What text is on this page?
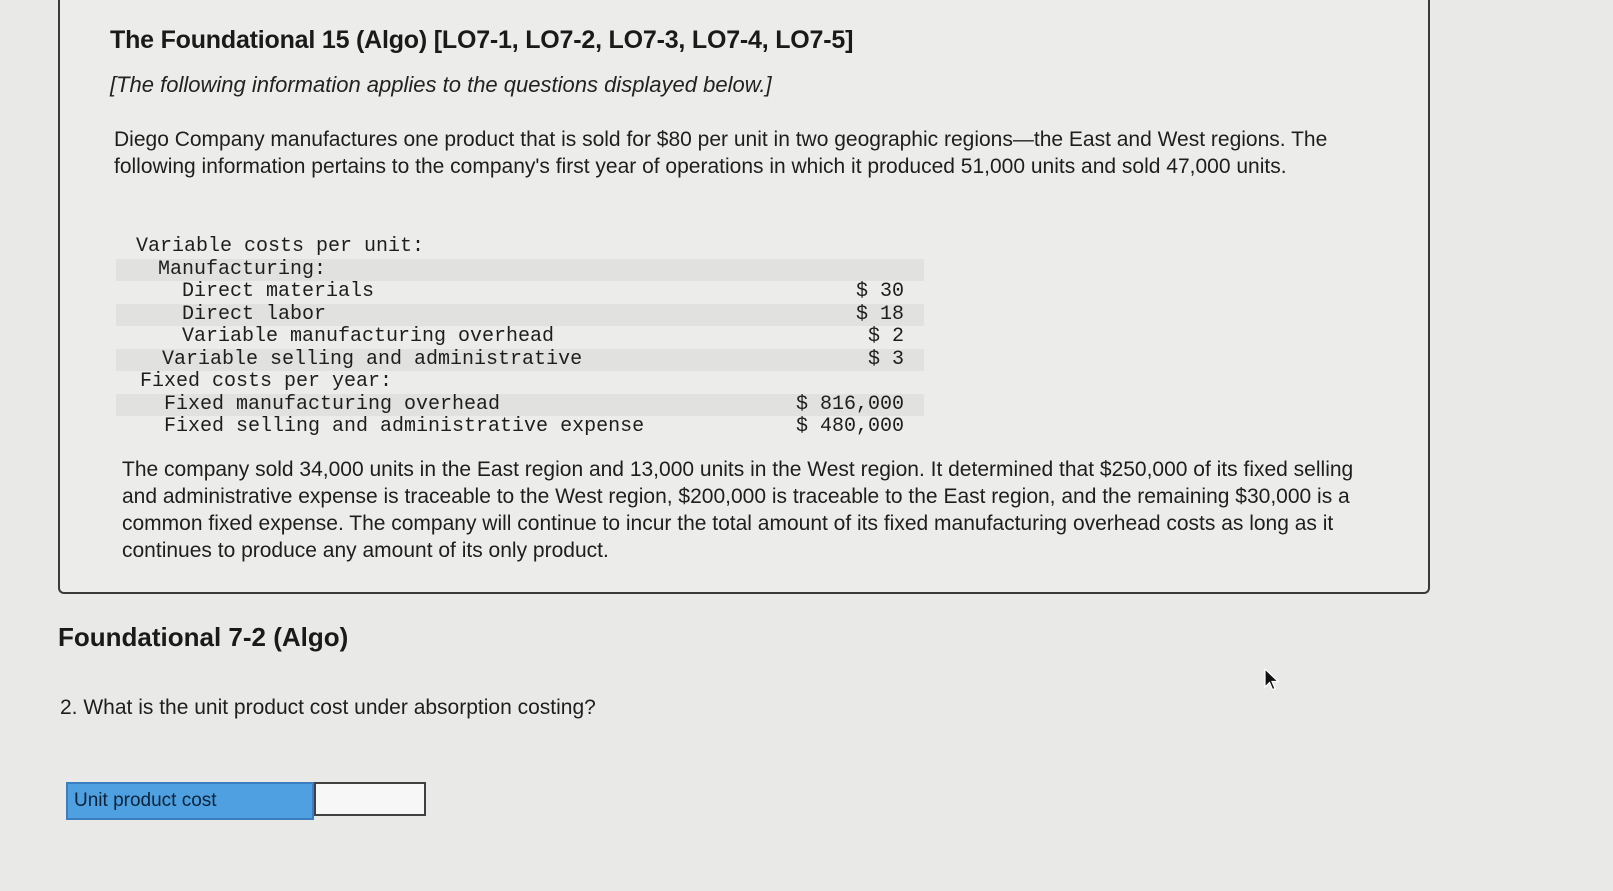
The Foundational 15 (Algo) [LO7-1, LO7-2, LO7-3, LO7-4, LO7-5]
[The following information applies to the questions displayed below.]
Diego Company manufactures one product that is sold for $80 per unit in two geographic regions—the East and West regions. The following information pertains to the company's first year of operations in which it produced 51,000 units and sold 47,000 units.
Variable costs per unit:
Manufacturing:
Direct materials	$ 30
Direct labor	$ 18
Variable manufacturing overhead	$ 2
Variable selling and administrative	$ 3
Fixed costs per year:
Fixed manufacturing overhead	$ 816,000
Fixed selling and administrative expense	$ 480,000
The company sold 34,000 units in the East region and 13,000 units in the West region. It determined that $250,000 of its fixed selling and administrative expense is traceable to the West region, $200,000 is traceable to the East region, and the remaining $30,000 is a common fixed expense. The company will continue to incur the total amount of its fixed manufacturing overhead costs as long as it continues to produce any amount of its only product.
Foundational 7-2 (Algo)
2. What is the unit product cost under absorption costing?
Unit product cost
